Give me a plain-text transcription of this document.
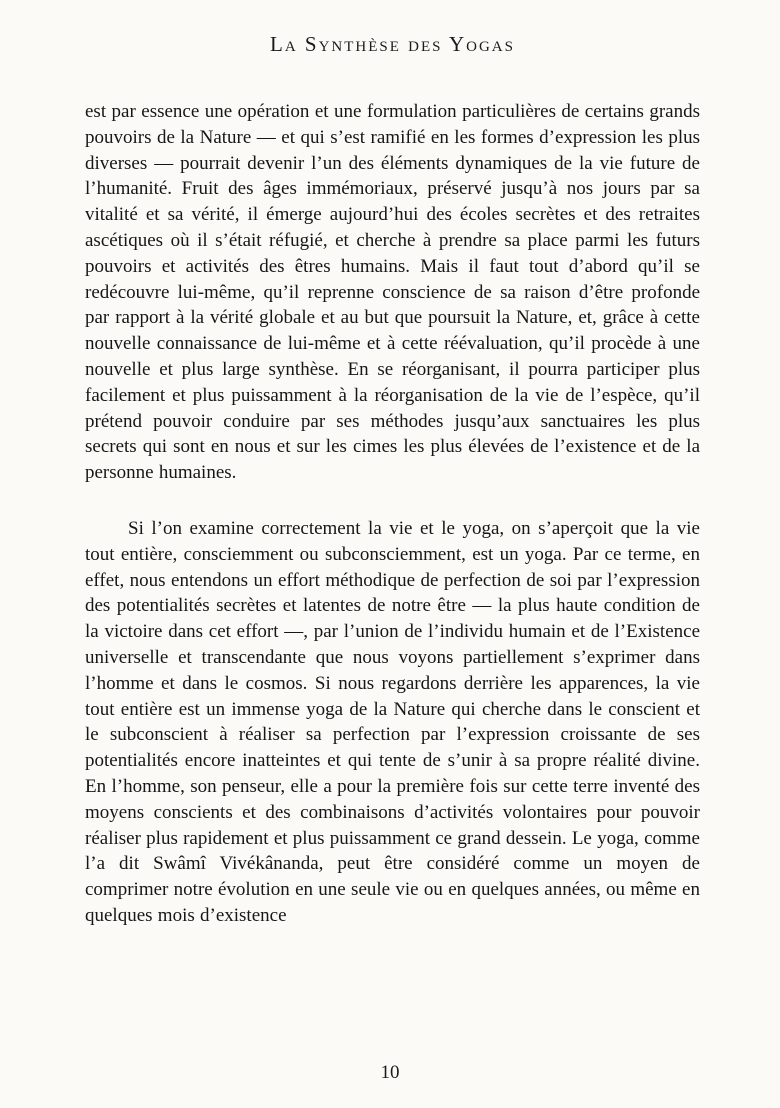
La Synthèse des Yogas

est par essence une opération et une formulation particulières de certains grands pouvoirs de la Nature — et qui s’est ramifié en les formes d’expression les plus diverses — pourrait devenir l’un des éléments dynamiques de la vie future de l’humanité. Fruit des âges immémoriaux, préservé jusqu’à nos jours par sa vitalité et sa vérité, il émerge aujourd’hui des écoles secrètes et des retraites ascétiques où il s’était réfugié, et cherche à prendre sa place parmi les futurs pouvoirs et activités des êtres humains. Mais il faut tout d’abord qu’il se redécouvre lui-même, qu’il reprenne conscience de sa raison d’être profonde par rapport à la vérité globale et au but que poursuit la Nature, et, grâce à cette nouvelle connaissance de lui-même et à cette réévaluation, qu’il procède à une nouvelle et plus large synthèse. En se réorganisant, il pourra participer plus facilement et plus puissamment à la réorganisation de la vie de l’espèce, qu’il prétend pouvoir conduire par ses méthodes jusqu’aux sanctuaires les plus secrets qui sont en nous et sur les cimes les plus élevées de l’existence et de la personne humaines.

Si l’on examine correctement la vie et le yoga, on s’aperçoit que la vie tout entière, consciemment ou subconsciemment, est un yoga. Par ce terme, en effet, nous entendons un effort méthodique de perfection de soi par l’expression des potentialités secrètes et latentes de notre être — la plus haute condition de la victoire dans cet effort —, par l’union de l’individu humain et de l’Existence universelle et transcendante que nous voyons partiellement s’exprimer dans l’homme et dans le cosmos. Si nous regardons derrière les apparences, la vie tout entière est un immense yoga de la Nature qui cherche dans le conscient et le subconscient à réaliser sa perfection par l’expression croissante de ses potentialités encore inatteintes et qui tente de s’unir à sa propre réalité divine. En l’homme, son penseur, elle a pour la première fois sur cette terre inventé des moyens conscients et des combinaisons d’activités volontaires pour pouvoir réaliser plus rapidement et plus puissamment ce grand dessein. Le yoga, comme l’a dit Swâmî Vivékânanda, peut être considéré comme un moyen de comprimer notre évolution en une seule vie ou en quelques années, ou même en quelques mois d’existence

10
